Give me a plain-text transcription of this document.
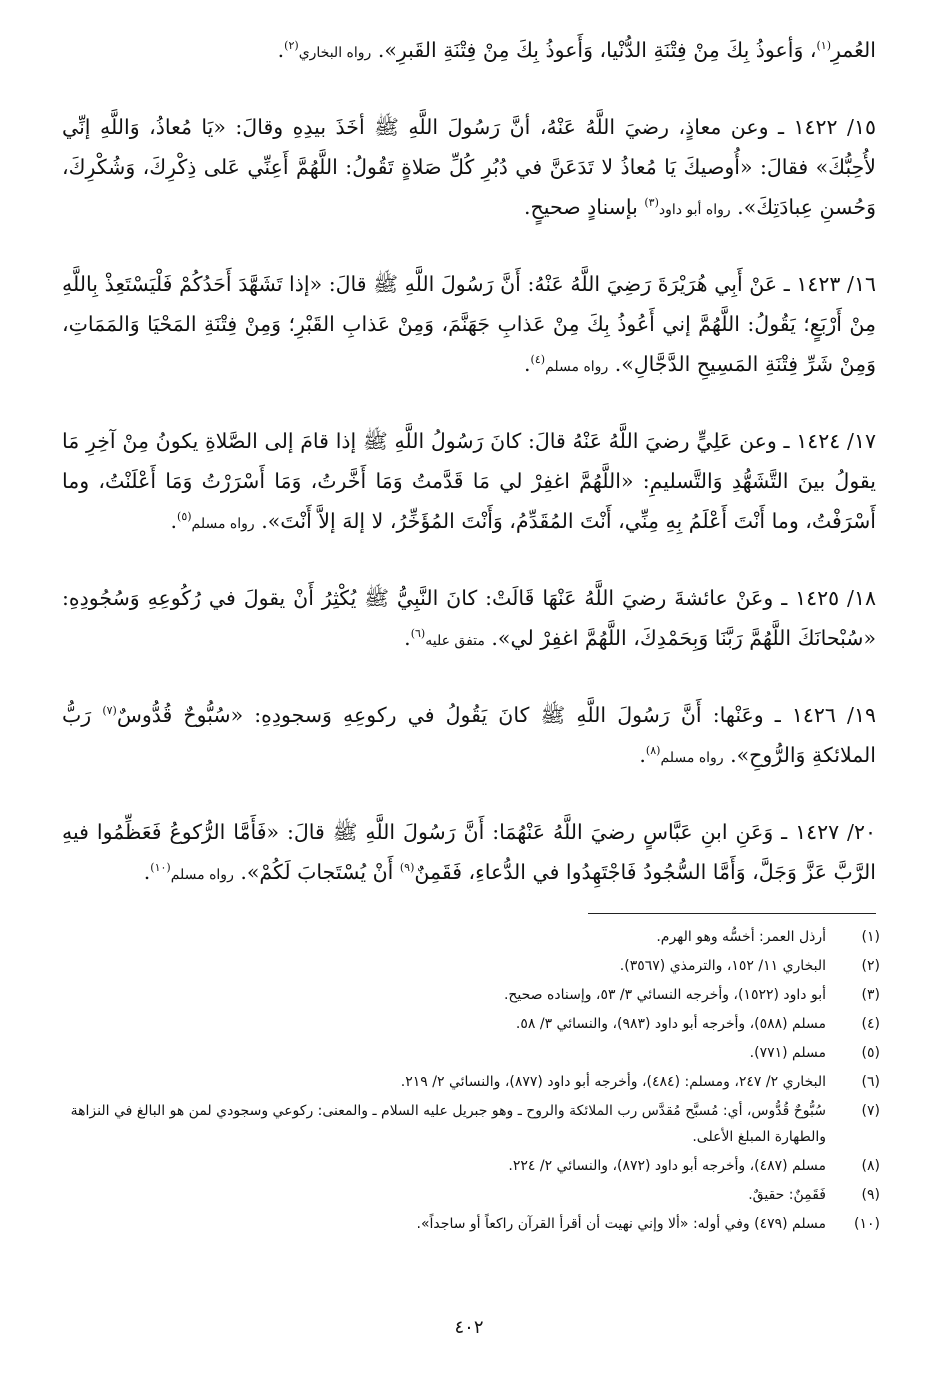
العُمرِ$^{(١)}$، وَأعوذُ بِكَ مِنْ فِتْنَةِ الدُّنْيا، وَأَعوذُ بِكَ مِنْ فِتْنَةِ القَبرِ». رواه البخاري$^{(٢)}$.

١٥/ ١٤٢٢ ـ وعن معاذٍ، رضيَ اللَّهُ عَنْهُ، أنَّ رَسُولَ اللَّهِ ﷺ أخَذَ بيدِهِ وقالَ: «يَا مُعاذُ، وَاللَّهِ إنِّي لأُحِبُّكَ» فقالَ: «أُوصيكَ يَا مُعاذُ لا تَدَعَنَّ في دُبُرِ كُلِّ صَلاةٍ تَقُولُ: اللَّهُمَّ أَعِنِّي عَلى ذِكْرِكَ، وَشُكْرِكَ، وَحُسنِ عِبادَتِكَ». رواه أبو داود$^{(٣)}$ بإسنادٍ صحيحٍ.

١٦/ ١٤٢٣ ـ عَنْ أَبِي هُرَيْرَةَ رَضِيَ اللَّهُ عَنْهُ: أَنَّ رَسُولَ اللَّهِ ﷺ قالَ: «إذا تَشَهَّدَ أَحَدُكُمْ فَلْيَسْتَعِذْ بِاللَّهِ مِنْ أَرْبَعٍ؛ يَقُولُ: اللَّهُمَّ إني أَعُوذُ بِكَ مِنْ عَذابِ جَهَنَّمَ، وَمِنْ عَذابِ القَبْرِ؛ وَمِنْ فِتْنَةِ المَحْيَا وَالمَمَاتِ، وَمِنْ شَرِّ فِتْنَةِ المَسِيحِ الدَّجَّالِ». رواه مسلم$^{(٤)}$.

١٧/ ١٤٢٤ ـ وعن عَلِيٍّ رضيَ اللَّهُ عَنْهُ قالَ: كانَ رَسُولُ اللَّهِ ﷺ إذا قامَ إلى الصَّلاةِ يكونُ مِنْ آخِرِ مَا يقولُ بينَ التَّشَهُّدِ وَالتَّسليمِ: «اللَّهُمَّ اغفِرْ لي مَا قَدَّمتُ وَمَا أَخَّرتُ، وَمَا أَسْرَرْتُ وَمَا أَعْلَنْتُ، وما أَسْرَفْتُ، وما أَنْتَ أَعْلَمُ بِهِ مِنِّي، أَنْتَ المُقَدِّمُ، وَأَنْتَ المُؤَخِّرُ، لا إلهَ إلاَّ أَنْتَ». رواه مسلم$^{(٥)}$.

١٨/ ١٤٢٥ ـ وعَنْ عائشةَ رضيَ اللَّهُ عَنْهَا قَالَتْ: كانَ النَّبِيُّ ﷺ يُكْثِرُ أَنْ يقولَ في رُكُوعِهِ وَسُجُودِهِ: «سُبْحانَكَ اللَّهُمَّ رَبَّنَا وَبِحَمْدِكَ، اللَّهُمَّ اغفِرْ لي». متفق عليه$^{(٦)}$.

١٩/ ١٤٢٦ ـ وعَنْها: أَنَّ رَسُولَ اللَّهِ ﷺ كانَ يَقُولُ في ركوعِهِ وَسجودِهِ: «سُبُّوحٌ قُدُّوسٌ$^{(٧)}$ رَبُّ الملائكةِ وَالرُّوحِ». رواه مسلم$^{(٨)}$.

٢٠/ ١٤٢٧ ـ وَعَنِ ابنِ عَبَّاسٍ رضيَ اللَّهُ عَنْهُمَا: أَنَّ رَسُولَ اللَّهِ ﷺ قالَ: «فَأَمَّا الرُّكوعُ فَعَظِّمُوا فيهِ الرَّبَّ عَزَّ وَجَلَّ، وَأَمَّا السُّجُودُ فَاجْتَهِدُوا في الدُّعاءِ، فَقَمِنٌ$^{(٩)}$ أَنْ يُسْتَجابَ لَكُمْ». رواه مسلم$^{(١٠)}$.

(١)
أرذل العمر: أخسُّه وهو الهرم.
(٢)
البخاري ١١/ ١٥٢، والترمذي (٣٥٦٧).
(٣)
أبو داود (١٥٢٢)، وأخرجه النسائي ٣/ ٥٣، وإسناده صحيح.
(٤)
مسلم (٥٨٨)، وأخرجه أبو داود (٩٨٣)، والنسائي ٣/ ٥٨.
(٥)
مسلم (٧٧١).
(٦)
البخاري ٢/ ٢٤٧، ومسلم: (٤٨٤)، وأخرجه أبو داود (٨٧٧)، والنسائي ٢/ ٢١٩.
(٧)
سُبُّوحٌ قُدُّوس، أي: مُسبَّح مُقدَّس رب الملائكة والروح ـ وهو جبريل عليه السلام ـ والمعنى: ركوعي وسجودي لمن هو البالغ في النزاهة والطهارة المبلغ الأعلى.
(٨)
مسلم (٤٨٧)، وأخرجه أبو داود (٨٧٢)، والنسائي ٢/ ٢٢٤.
(٩)
فَقَمِنٌ: حقيقٌ.
(١٠)
مسلم (٤٧٩) وفي أوله: «ألا وإني نهيت أن أقرأ القرآن راكعاً أو ساجداً».
٤٠٢
